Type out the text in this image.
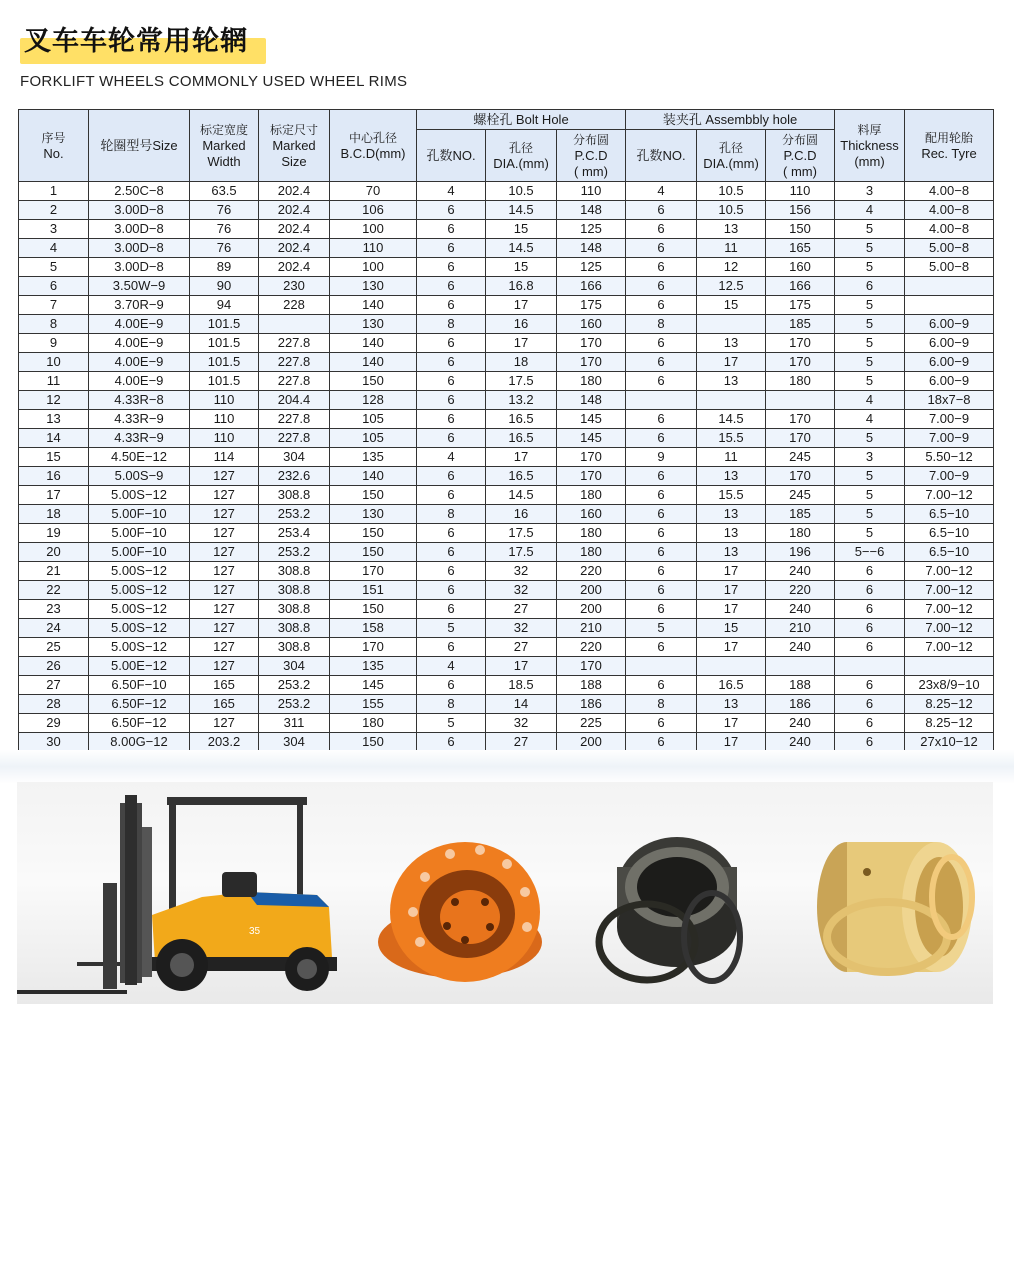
叉车车轮常用轮辋
FORKLIFT WHEELS COMMONLY USED WHEEL RIMS
序号
No.	轮圈型号Size	标定宽度
Marked
Width	标定尺寸
Marked
Size	中心孔径
B.C.D(mm)	螺栓孔 Bolt Hole			装夹孔 Assembbly hole			料厚
Thickness
(mm)	配用轮胎
Rec. Tyre

					孔数NO.	孔径
DIA.(mm)	分布圆
P.C.D
( mm)	孔数NO.	孔径
DIA.(mm)	分布圆
P.C.D
( mm)		

1	2.50C−8	63.5	202.4	70	4	10.5	110	4	10.5	110	3	4.00−8
2	3.00D−8	76	202.4	106	6	14.5	148	6	10.5	156	4	4.00−8
3	3.00D−8	76	202.4	100	6	15	125	6	13	150	5	4.00−8
4	3.00D−8	76	202.4	110	6	14.5	148	6	11	165	5	5.00−8
5	3.00D−8	89	202.4	100	6	15	125	6	12	160	5	5.00−8
6	3.50W−9	90	230	130	6	16.8	166	6	12.5	166	6	
7	3.70R−9	94	228	140	6	17	175	6	15	175	5	
8	4.00E−9	101.5		130	8	16	160	8		185	5	6.00−9
9	4.00E−9	101.5	227.8	140	6	17	170	6	13	170	5	6.00−9
10	4.00E−9	101.5	227.8	140	6	18	170	6	17	170	5	6.00−9
11	4.00E−9	101.5	227.8	150	6	17.5	180	6	13	180	5	6.00−9
12	4.33R−8	110	204.4	128	6	13.2	148				4	18x7−8
13	4.33R−9	110	227.8	105	6	16.5	145	6	14.5	170	4	7.00−9
14	4.33R−9	110	227.8	105	6	16.5	145	6	15.5	170	5	7.00−9
15	4.50E−12	114	304	135	4	17	170	9	11	245	3	5.50−12
16	5.00S−9	127	232.6	140	6	16.5	170	6	13	170	5	7.00−9
17	5.00S−12	127	308.8	150	6	14.5	180	6	15.5	245	5	7.00−12
18	5.00F−10	127	253.2	130	8	16	160	6	13	185	5	6.5−10
19	5.00F−10	127	253.4	150	6	17.5	180	6	13	180	5	6.5−10
20	5.00F−10	127	253.2	150	6	17.5	180	6	13	196	5−−6	6.5−10
21	5.00S−12	127	308.8	170	6	32	220	6	17	240	6	7.00−12
22	5.00S−12	127	308.8	151	6	32	200	6	17	220	6	7.00−12
23	5.00S−12	127	308.8	150	6	27	200	6	17	240	6	7.00−12
24	5.00S−12	127	308.8	158	5	32	210	5	15	210	6	7.00−12
25	5.00S−12	127	308.8	170	6	27	220	6	17	240	6	7.00−12
26	5.00E−12	127	304	135	4	17	170					
27	6.50F−10	165	253.2	145	6	18.5	188	6	16.5	188	6	23x8/9−10
28	6.50F−12	165	253.2	155	8	14	186	8	13	186	6	8.25−12
29	6.50F−12	127	311	180	5	32	225	6	17	240	6	8.25−12
30	8.00G−12	203.2	304	150	6	27	200	6	17	240	6	27x10−12
35
